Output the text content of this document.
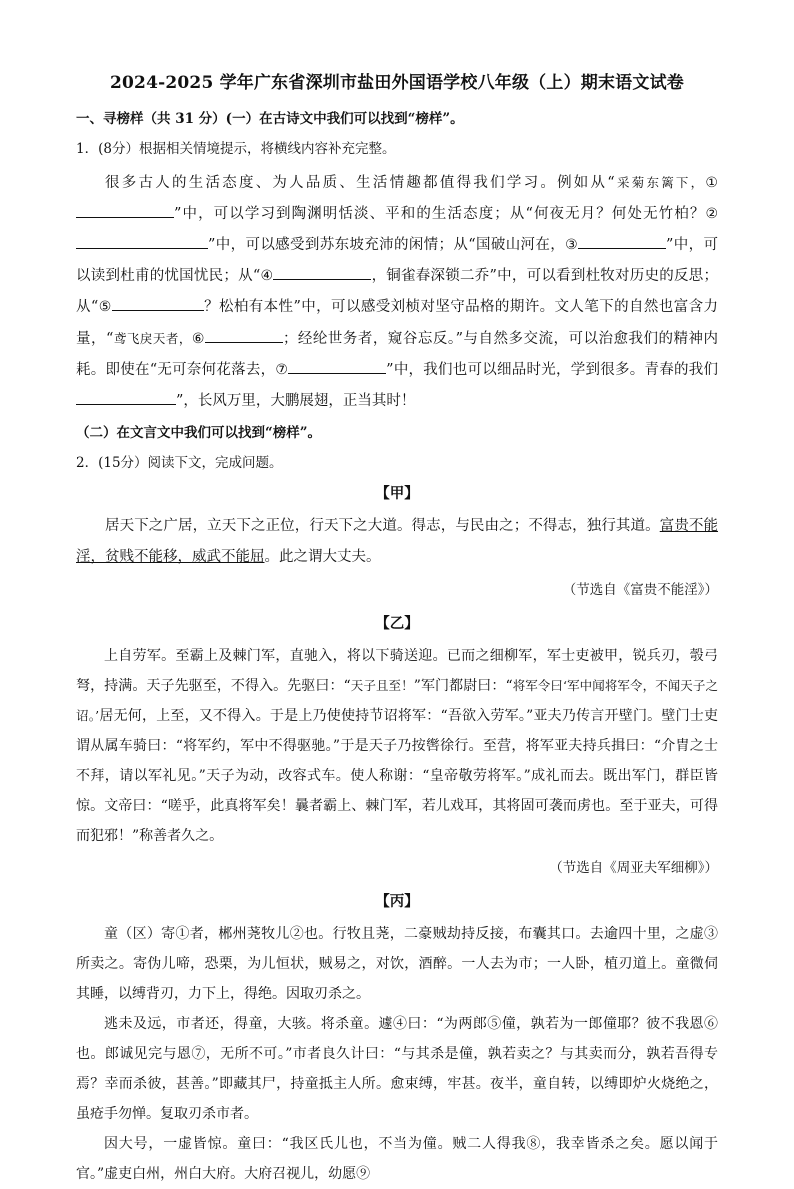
2024-2025 学年广东省深圳市盐田外国语学校八年级（上）期末语文试卷
一、寻榜样（共 31 分）(一）在古诗文中我们可以找到“榜样”。
1．(8分）根据相关情境提示，将横线内容补充完整。

很多古人的生活态度、为人品质、生活情趣都值得我们学习。例如从“采菊东篱下，①”中，可以学习到陶渊明恬淡、平和的生活态度；从“何夜无月？何处无竹柏？②”中，可以感受到苏东坡充沛的闲情；从“国破山河在，③	”中，可以读到杜甫的忧国忧民；从“④	，铜雀春深锁二乔”中，可以看到杜牧对历史的反思；从“⑤	？松柏有本性”中，可以感受刘桢对坚守品格的期许。文人笔下的自然也富含力量，“鸢飞戾天者，⑥	；经纶世务者，窥谷忘反。”与自然多交流，可以治愈我们的精神内耗。即使在“无可奈何花落去，⑦	”中，我们也可以细品时光，学到很多。青春的我们”，长风万里，大鹏展翅，正当其时！

（二）在文言文中我们可以找到“榜样”。
2．(15分）阅读下文，完成问题。
【甲】

居天下之广居，立天下之正位，行天下之大道。得志，与民由之；不得志，独行其道。富贵不能淫，贫贱不能移，威武不能屈。此之谓大丈夫。

（节选自《富贵不能淫》）
【乙】

上自劳军。至霸上及棘门军，直驰入，将以下骑送迎。已而之细柳军，军士吏被甲，锐兵刃，彀弓弩，持满。天子先驱至，不得入。先驱曰：“天子且至！”军门都尉曰：“将军令曰‘军中闻将军令，不闻天子之诏。’居无何，上至，又不得入。于是上乃使使持节诏将军：“吾欲入劳军。”亚夫乃传言开壁门。壁门士吏谓从属车骑曰：“将军约，军中不得驱驰。”于是天子乃按辔徐行。至营，将军亚夫持兵揖曰：“介胄之士不拜，请以军礼见。”天子为动，改容式车。使人称谢：“皇帝敬劳将军。”成礼而去。既出军门，群臣皆惊。文帝曰：“嗟乎，此真将军矣！曩者霸上、棘门军，若儿戏耳，其将固可袭而虏也。至于亚夫，可得而犯邪！”称善者久之。

（节选自《周亚夫军细柳》）
【丙】

童（区）寄①者，郴州荛牧儿②也。行牧且荛，二豪贼劫持反接，布囊其口。去逾四十里，之虚③所卖之。寄伪儿啼，恐栗，为儿恒状，贼易之，对饮，酒醉。一人去为市；一人卧，植刃道上。童微伺其睡，以缚背刃，力下上，得绝。因取刃杀之。

逃未及远，市者还，得童，大骇。将杀童。遽④曰：“为两郎⑤僮，孰若为一郎僮耶？彼不我恩⑥也。郎诚见完与恩⑦，无所不可。”市者良久计曰：“与其杀是僮，孰若卖之？与其卖而分，孰若吾得专焉？幸而杀彼，甚善。”即藏其尸，持童抵主人所。愈束缚，牢甚。夜半，童自转，以缚即炉火烧绝之，虽疮手勿惮。复取刃杀市者。

因大号，一虚皆惊。童曰：“我区氏儿也，不当为僮。贼二人得我⑧，我幸皆杀之矣。愿以闻于官。”虚吏白州，州白大府。大府召视儿，幼愿⑨
